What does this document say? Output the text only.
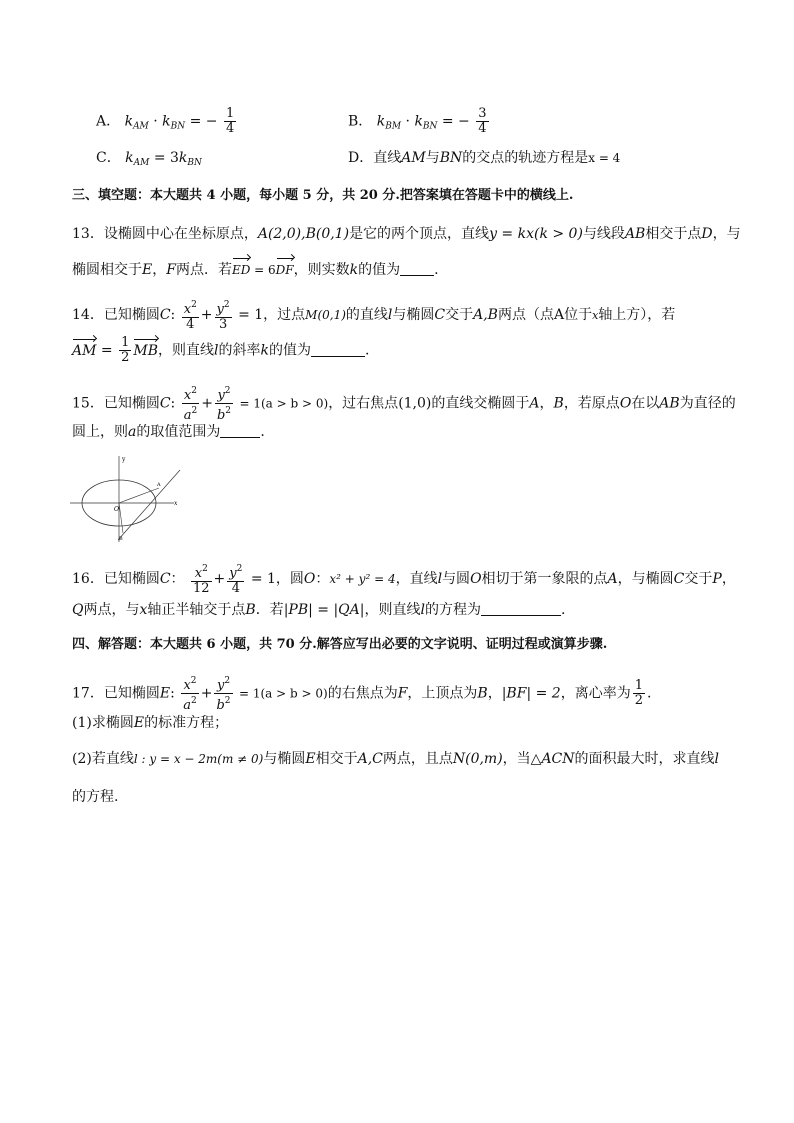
A． $k_{AM} \cdot k_{BN}$ = − $\frac{1}{4}$	B． $k_{BM} \cdot k_{BN}$ = − $\frac{3}{4}$
C． $k_{AM} = 3k_{BN}$	D．直线AM与BN的交点的轨迹方程是x = 4
三、填空题：本大题共 4 小题，每小题 5 分，共 20 分.把答案填在答题卡中的横线上.
13．设椭圆中心在坐标原点，A(2,0),B(0,1)是它的两个顶点，直线y = kx(k > 0)与线段AB相交于点D，与
椭圆相交于E，F两点．若ED = 6DF，则实数k的值为 .
14．已知椭圆C: $\frac{x^2}{4} + \frac{y^2}{3} = 1$，过点M(0,1)的直线l与椭圆C交于A,B两点（点A位于x轴上方），若
AM = $\frac{1}{2}$ MB，则直线l的斜率k的值为	.
15．已知椭圆C: $\frac{x^2}{a^2} + \frac{y^2}{b^2} = 1(a > b > 0)$，过右焦点(1,0)的直线交椭圆于A，B，若原点O在以AB为直径的
圆上，则a的取值范围为	.
y
x
O
A
B
16．已知椭圆C： $\frac{x^2}{12} + \frac{y^2}{4} = 1$，圆O：x² + y² = 4，直线l与圆O相切于第一象限的点A，与椭圆C交于P，
Q两点，与x轴正半轴交于点B．若|PB| = |QA|，则直线l的方程为	.
四、解答题：本大题共 6 小题，共 70 分.解答应写出必要的文字说明、证明过程或演算步骤.
17．已知椭圆E: $\frac{x^2}{a^2} + \frac{y^2}{b^2} = 1(a > b > 0)$的右焦点为F，上顶点为B，|BF| = 2，离心率为 $\frac{1}{2}$ .
(1)求椭圆E的标准方程；
(2)若直线l : y = x − 2m(m ≠ 0)与椭圆E相交于A,C两点，且点N(0,m)，当△ACN的面积最大时，求直线l
的方程.
